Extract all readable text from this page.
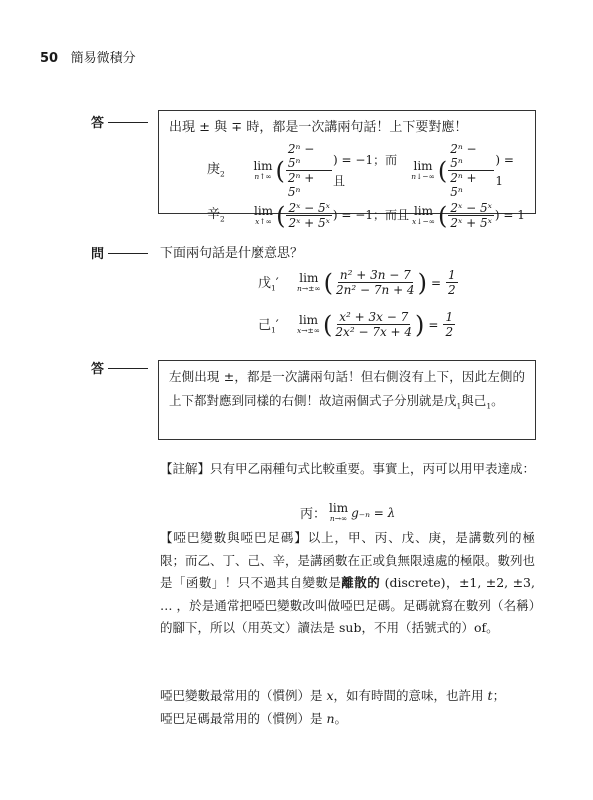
50 簡易微積分
答	出現 ± 與 ∓ 時，都是一次講兩句話！上下要對應！
庚$_2$
lim
n↑∞ ( $\frac{\text{2ⁿ − 5ⁿ}}{\text{2ⁿ + 5ⁿ}}$ ) = −1；而且
lim
n↓−∞ ( $\frac{\text{2ⁿ − 5ⁿ}}{\text{2ⁿ + 5ⁿ}}$ ) = 1
辛$_2$
lim
x↑∞ ( $\frac{\text{2ˣ − 5ˣ}}{\text{2ˣ + 5ˣ}}$ ) = −1；而且 lim
x↓−∞ ( $\frac{\text{2ˣ − 5ˣ}}{\text{2ˣ + 5ˣ}}$ ) = 1
問	下面兩句話是什麼意思？
戊$_1$′	lim
n→±∞ ( $\frac{\text{n² + 3n − 7}}{\text{2n² − 7n + 4}}$ ) = $\frac{1}{2}$
己$_1$′	lim
x→±∞ ( $\frac{\text{x² + 3x − 7}}{\text{2x² − 7x + 4}}$ ) = $\frac{1}{2}$
答	左側出現 ±，都是一次講兩句話！但右側沒有上下，因此左側的上下都對應到同樣的右側！故這兩個式子分別就是戊$_1$與己$_1$。

【註解】只有甲乙兩種句式比較重要。事實上，丙可以用甲表達成：

丙： lim
n→∞ g₋ₙ = λ

【啞巴變數與啞巴足碼】以上，甲、丙、戊、庚，是講數列的極限；而乙、丁、己、辛，是講函數在正或負無限遠處的極限。數列也是「函數」！只不過其自變數是離散的 (discrete)，±1, ±2, ±3, … ，於是通常把啞巴變數改叫做啞巴足碼。足碼就寫在數列（名稱）的腳下，所以（用英文）讀法是 sub，不用（括號式的）of。

啞巴變數最常用的（慣例）是 x，如有時間的意味，也許用 t；

啞巴足碼最常用的（慣例）是 n。
